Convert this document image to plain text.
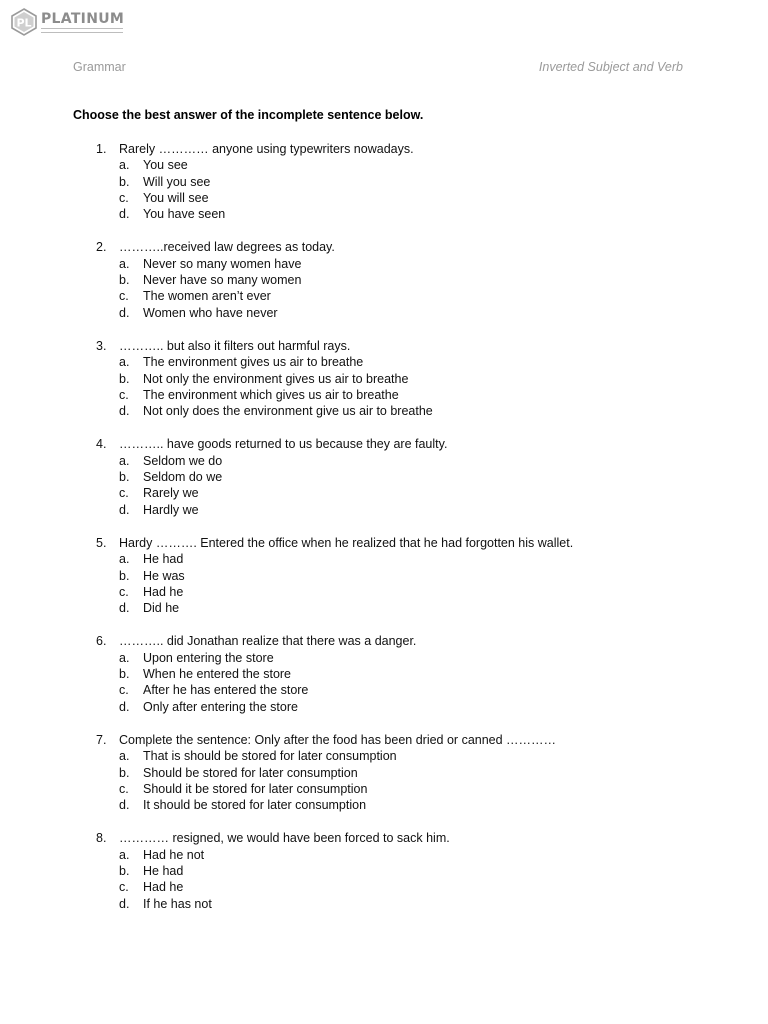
PL PLATINUM
Grammar	Inverted Subject and Verb
Choose the best answer of the incomplete sentence below.
1. Rarely ………… anyone using typewriters nowadays.
a. You see
b. Will you see
c. You will see
d. You have seen
2. ………..received law degrees as today.
a. Never so many women have
b. Never have so many women
c. The women aren’t ever
d. Women who have never
3. ……….. but also it filters out harmful rays.
a. The environment gives us air to breathe
b. Not only the environment gives us air to breathe
c. The environment which gives us air to breathe
d. Not only does the environment give us air to breathe
4. ……….. have goods returned to us because they are faulty.
a. Seldom we do
b. Seldom do we
c. Rarely we
d. Hardly we
5. Hardy ………. Entered the office when he realized that he had forgotten his wallet.
a. He had
b. He was
c. Had he
d. Did he
6. ……….. did Jonathan realize that there was a danger.
a. Upon entering the store
b. When he entered the store
c. After he has entered the store
d. Only after entering the store
7. Complete the sentence: Only after the food has been dried or canned …………
a. That is should be stored for later consumption
b. Should be stored for later consumption
c. Should it be stored for later consumption
d. It should be stored for later consumption
8. ………… resigned, we would have been forced to sack him.
a. Had he not
b. He had
c. Had he
d. If he has not
